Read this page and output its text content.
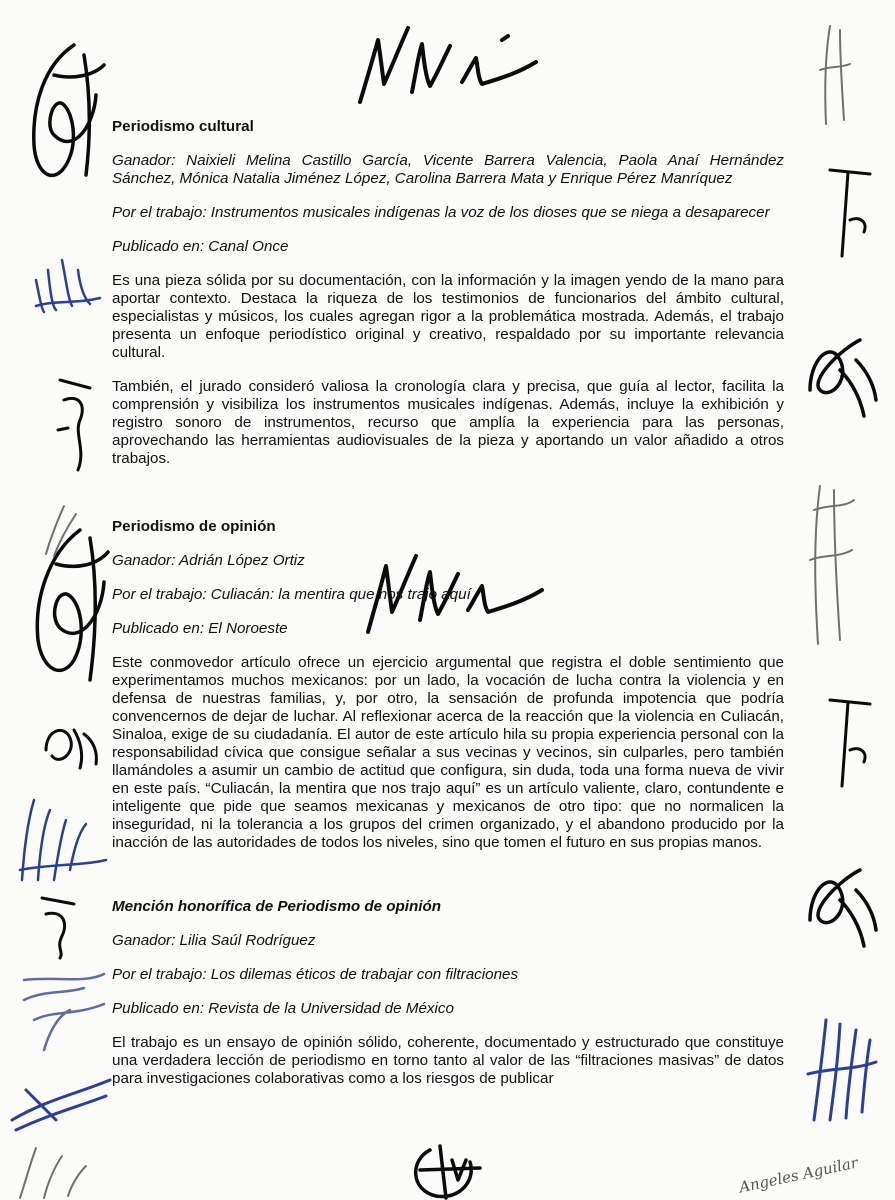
Angeles Aguilar

Periodismo cultural

Ganador: Naixieli Melina Castillo García, Vicente Barrera Valencia, Paola Anaí Hernández Sánchez, Mónica Natalia Jiménez López, Carolina Barrera Mata y Enrique Pérez Manríquez

Por el trabajo: Instrumentos musicales indígenas la voz de los dioses que se niega a desaparecer

Publicado en: Canal Once

Es una pieza sólida por su documentación, con la información y la imagen yendo de la mano para aportar contexto. Destaca la riqueza de los testimonios de funcionarios del ámbito cultural, especialistas y músicos, los cuales agregan rigor a la problemática mostrada. Además, el trabajo presenta un enfoque periodístico original y creativo, respaldado por su importante relevancia cultural.

También, el jurado consideró valiosa la cronología clara y precisa, que guía al lector, facilita la comprensión y visibiliza los instrumentos musicales indígenas. Además, incluye la exhibición y registro sonoro de instrumentos, recurso que amplía la experiencia para las personas, aprovechando las herramientas audiovisuales de la pieza y aportando un valor añadido a otros trabajos.

Periodismo de opinión

Ganador: Adrián López Ortiz

Por el trabajo: Culiacán: la mentira que nos trajo aquí

Publicado en: El Noroeste

Este conmovedor artículo ofrece un ejercicio argumental que registra el doble sentimiento que experimentamos muchos mexicanos: por un lado, la vocación de lucha contra la violencia y en defensa de nuestras familias, y, por otro, la sensación de profunda impotencia que podría convencernos de dejar de luchar. Al reflexionar acerca de la reacción que la violencia en Culiacán, Sinaloa, exige de su ciudadanía. El autor de este artículo hila su propia experiencia personal con la responsabilidad cívica que consigue señalar a sus vecinas y vecinos, sin culparles, pero también llamándoles a asumir un cambio de actitud que configura, sin duda, toda una forma nueva de vivir en este país. “Culiacán, la mentira que nos trajo aquí” es un artículo valiente, claro, contundente e inteligente que pide que seamos mexicanas y mexicanos de otro tipo: que no normalicen la inseguridad, ni la tolerancia a los grupos del crimen organizado, y el abandono producido por la inacción de las autoridades de todos los niveles, sino que tomen el futuro en sus propias manos.

Mención honorífica de Periodismo de opinión

Ganador: Lilia Saúl Rodríguez

Por el trabajo: Los dilemas éticos de trabajar con filtraciones

Publicado en: Revista de la Universidad de México

El trabajo es un ensayo de opinión sólido, coherente, documentado y estructurado que constituye una verdadera lección de periodismo en torno tanto al valor de las “filtraciones masivas” de datos para investigaciones colaborativas como a los riesgos de publicar
